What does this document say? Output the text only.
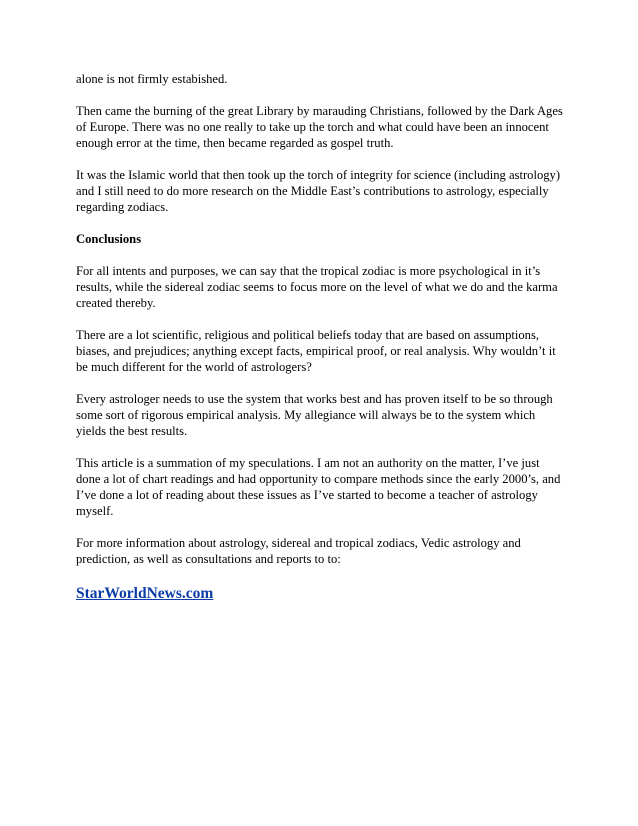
alone is not firmly estabished.

Then came the burning of the great Library by marauding Christians, followed by the Dark Ages of Europe. There was no one really to take up the torch and what could have been an innocent enough error at the time, then became regarded as gospel truth.

It was the Islamic world that then took up the torch of integrity for science (including astrology) and I still need to do more research on the Middle East’s contributions to astrology, especially regarding zodiacs.

Conclusions

For all intents and purposes, we can say that the tropical zodiac is more psychological in it’s results, while the sidereal zodiac seems to focus more on the level of what we do and the karma created thereby.

There are a lot scientific, religious and political beliefs today that are based on assumptions, biases, and prejudices; anything except facts, empirical proof, or real analysis. Why wouldn’t it be much different for the world of astrologers?

Every astrologer needs to use the system that works best and has proven itself to be so through some sort of rigorous empirical analysis. My allegiance will always be to the system which yields the best results.

This article is a summation of my speculations. I am not an authority on the matter, I’ve just done a lot of chart readings and had opportunity to compare methods since the early 2000’s, and I’ve done a lot of reading about these issues as I’ve started to become a teacher of astrology myself.

For more information about astrology, sidereal and tropical zodiacs, Vedic astrology and prediction, as well as consultations and reports to to:

StarWorldNews.com
